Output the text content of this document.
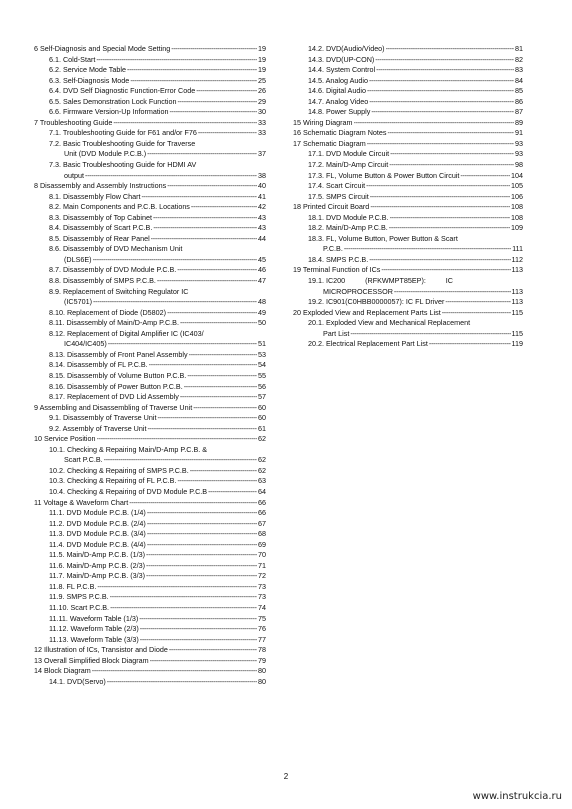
6 Self-Diagnosis and Special Mode Setting -----	19
6.1. Cold-Start -----	19
6.2. Service Mode Table -----	19
6.3. Self-Diagnosis Mode -----	25
6.4. DVD Self Diagnostic Function-Error Code -----	26
6.5. Sales Demonstration Lock Function -----	29
6.6. Firmware Version-Up Information -----	30
7 Troubleshooting Guide -----	33
7.1. Troubleshooting Guide for F61 and/or F76 -----	33
7.2. Basic Troubleshooting Guide for Traverse
Unit (DVD Module P.C.B.) -----	37
7.3. Basic Troubleshooting Guide for HDMI AV
output -----	38
8 Disassembly and Assembly Instructions -----	40
8.1. Disassembly Flow Chart -----	41
8.2. Main Components and P.C.B. Locations -----	42
8.3. Disassembly of Top Cabinet -----	43
8.4. Disassembly of Scart P.C.B. -----	43
8.5. Disassembly of Rear Panel -----	44
8.6. Disassembly of DVD Mechanism Unit
(DLS6E) -----	45
8.7. Disassembly of DVD Module P.C.B. -----	46
8.8. Disassembly of SMPS P.C.B. -----	47
8.9. Replacement of Switching Regulator IC
(IC5701) -----	48
8.10. Replacement of Diode (D5802) -----	49
8.11. Disassembly of Main/D-Amp P.C.B. -----	50
8.12. Replacement of Digital Amplifier IC (IC403/
IC404/IC405) -----	51
8.13. Disassembly of Front Panel Assembly -----	53
8.14. Disassembly of FL P.C.B. -----	54
8.15. Disassembly of Volume Button P.C.B. -----	55
8.16. Disassembly of Power Button P.C.B. -----	56
8.17. Replacement of DVD Lid Assembly -----	57
9 Assembling and Disassembling of Traverse Unit -----	60
9.1. Disassembly of Traverse Unit -----	60
9.2. Assembly of Traverse Unit -----	61
10 Service Position -----	62
10.1. Checking & Repairing Main/D-Amp P.C.B. &
Scart P.C.B. -----	62
10.2. Checking & Repairing of SMPS P.C.B. -----	62
10.3. Checking & Repairing of FL P.C.B. -----	63
10.4. Checking & Repairing of DVD Module P.C.B -----	64
11 Voltage & Waveform Chart -----	66
11.1. DVD Module P.C.B. (1/4) -----	66
11.2. DVD Module P.C.B. (2/4) -----	67
11.3. DVD Module P.C.B. (3/4) -----	68
11.4. DVD Module P.C.B. (4/4) -----	69
11.5. Main/D-Amp P.C.B. (1/3) -----	70
11.6. Main/D-Amp P.C.B. (2/3) -----	71
11.7. Main/D-Amp P.C.B. (3/3) -----	72
11.8. FL P.C.B. -----	73
11.9. SMPS P.C.B. -----	73
11.10. Scart P.C.B. -----	74
11.11. Waveform Table (1/3) -----	75
11.12. Waveform Table (2/3) -----	76
11.13. Waveform Table (3/3) -----	77
12 Illustration of ICs, Transistor and Diode -----	78
13 Overall Simplified Block Diagram -----	79
14 Block Diagram -----	80
14.1. DVD(Servo) -----	80
14.2. DVD(Audio/Video) -----	81
14.3. DVD(UP-CON) -----	82
14.4. System Control -----	83
14.5. Analog Audio -----	84
14.6. Digital Audio -----	85
14.7. Analog Video -----	86
14.8. Power Supply -----	87
15 Wiring Diagram -----	89
16 Schematic Diagram Notes -----	91
17 Schematic Diagram -----	93
17.1. DVD Module Circuit -----	93
17.2. Main/D-Amp Circuit -----	98
17.3. FL, Volume Button & Power Button Circuit -----	104
17.4. Scart Circuit -----	105
17.5. SMPS Circuit -----	106
18 Printed Circuit Board -----	108
18.1. DVD Module P.C.B. -----	108
18.2. Main/D-Amp P.C.B. -----	109
18.3. FL, Volume Button, Power Button & Scart
P.C.B. -----	111
18.4. SMPS P.C.B. -----	112
19 Terminal Function of ICs -----	113
19.1. IC200          (RFKWMPT85EP):          IC
MICROPROCESSOR -----	113
19.2. IC901(C0HBB0000057): IC FL Driver -----	113
20 Exploded View and Replacement Parts List -----	115
20.1. Exploded View and Mechanical Replacement
Part List -----	115
20.2. Electrical Replacement Part List -----	119
2
www.instrukcia.ru
